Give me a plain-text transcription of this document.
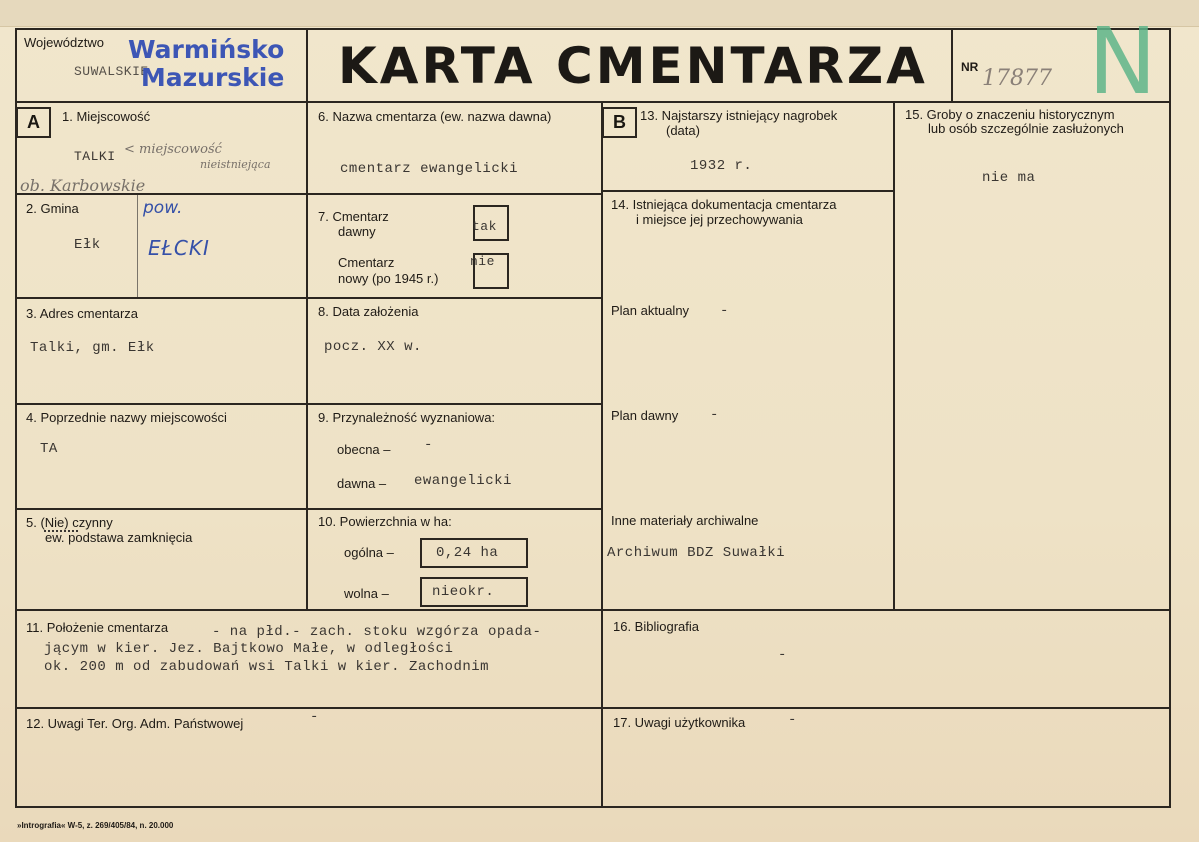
Województwo
SUWALSKIE
Warmińsko
Mazurskie KARTA CMENTARZA	NR 17877 N
A	1. Miejscowość
TALKI < miejscowość
nieistniejąca
ob. Karbowskie
2. Gmina
Ełk
pow.
EŁCKI
3. Adres cmentarza
Talki, gm. Ełk
4. Poprzednie nazwy miejscowości
TA
5. (Nie) czynny
ew. podstawa zamknięcia
6. Nazwa cmentarza (ew. nazwa dawna)
cmentarz ewangelicki
7. Cmentarz
dawny	tak
Cmentarz
nowy (po 1945 r.)
nie
8. Data założenia
pocz. XX w.
9. Przynależność wyznaniowa:
obecna – -
dawna – ewangelicki
10. Powierzchnia w ha:
ogólna –	0,24 ha
wolna –	nieokr.
B	13. Najstarszy istniejący nagrobek
(data)
1932 r.
14. Istniejąca dokumentacja cmentarza
i miejsce jej przechowywania
Plan aktualny -
Plan dawny -
Inne materiały archiwalne
Archiwum BDZ Suwałki
15. Groby o znaczeniu historycznym
lub osób szczególnie zasłużonych
nie ma
11. Położenie cmentarza	- na płd.- zach. stoku wzgórza opada-
jącym w kier. Jez. Bajtkowo Małe, w odległości
ok. 200 m od zabudowań wsi Talki w kier. Zachodnim
16. Bibliografia
-
12. Uwagi Ter. Org. Adm. Państwowej	-	17. Uwagi użytkownika	-
»Intrografia« W-5, z. 269/405/84, n. 20.000
